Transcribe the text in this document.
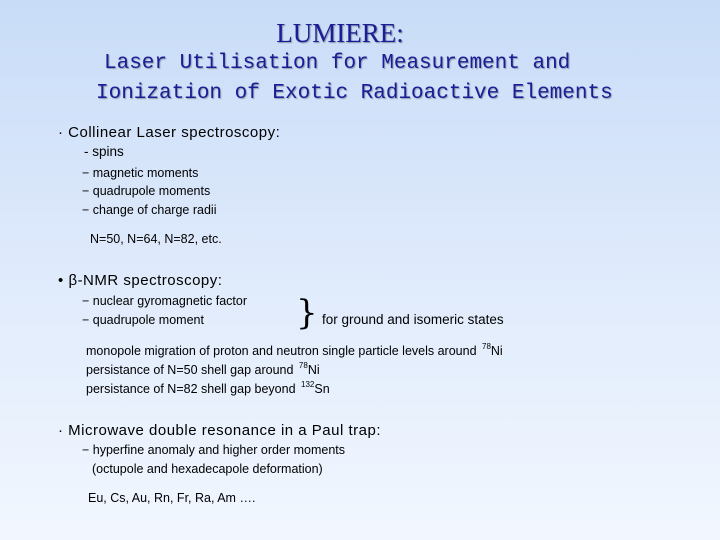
LUMIERE:
Laser Utilisation for Measurement and
Ionization of Exotic Radioactive Elements
· Collinear Laser spectroscopy:
- spins
− magnetic moments
− quadrupole moments
− change of charge radii
N=50, N=64, N=82, etc.
• β-NMR spectroscopy:
− nuclear gyromagnetic factor
− quadrupole moment	} for ground and isomeric states
monopole migration of proton and neutron single particle levels around $^{78}$Ni
persistance of N=50 shell gap around $^{78}$Ni
persistance of N=82 shell gap beyond $^{132}$Sn
· Microwave double resonance in a Paul trap:
− hyperfine anomaly and higher order moments
(octupole and hexadecapole deformation)
Eu, Cs, Au, Rn, Fr, Ra, Am ….
